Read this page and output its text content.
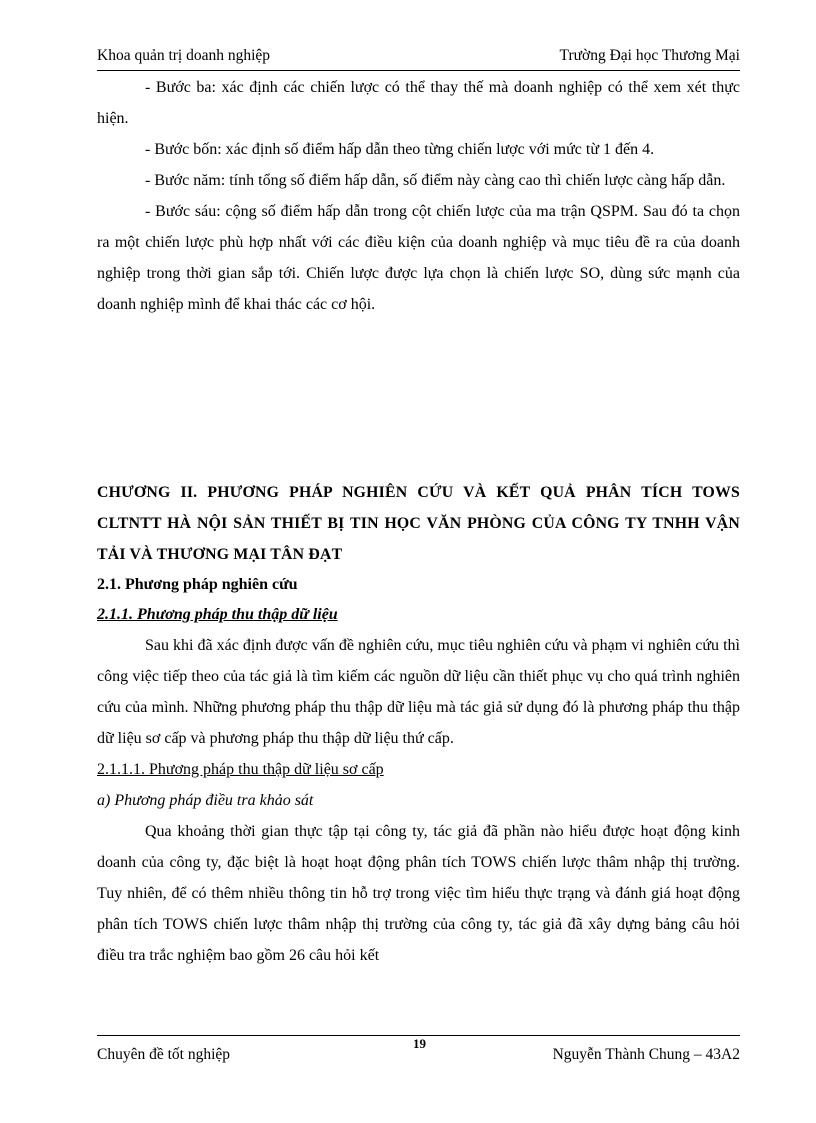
Khoa quản trị doanh nghiệp	Trường Đại học Thương Mại

- Bước ba: xác định các chiến lược có thể thay thế mà doanh nghiệp có thể xem xét thực hiện.

- Bước bốn: xác định số điểm hấp dẫn theo từng chiến lược với mức từ 1 đến 4.

- Bước năm: tính tổng số điểm hấp dẫn, số điểm này càng cao thì chiến lược càng hấp dẫn.

- Bước sáu: cộng số điểm hấp dẫn trong cột chiến lược của ma trận QSPM. Sau đó ta chọn ra một chiến lược phù hợp nhất với các điều kiện của doanh nghiệp và mục tiêu đề ra của doanh nghiệp trong thời gian sắp tới. Chiến lược được lựa chọn là chiến lược SO, dùng sức mạnh của doanh nghiệp mình để khai thác các cơ hội.

CHƯƠNG II. PHƯƠNG PHÁP NGHIÊN CỨU VÀ KẾT QUẢ PHÂN TÍCH TOWS CLTNTT HÀ NỘI SẢN THIẾT BỊ TIN HỌC VĂN PHÒNG CỦA CÔNG TY TNHH VẬN TẢI VÀ THƯƠNG MẠI TÂN ĐẠT

2.1. Phương pháp nghiên cứu

2.1.1. Phương pháp thu thập dữ liệu

Sau khi đã xác định được vấn đề nghiên cứu, mục tiêu nghiên cứu và phạm vi nghiên cứu thì công việc tiếp theo của tác giả là tìm kiếm các nguồn dữ liệu cần thiết phục vụ cho quá trình nghiên cứu của mình. Những phương pháp thu thập dữ liệu mà tác giả sử dụng đó là phương pháp thu thập dữ liệu sơ cấp và phương pháp thu thập dữ liệu thứ cấp.

2.1.1.1. Phương pháp thu thập dữ liệu sơ cấp

a) Phương pháp điều tra khảo sát

Qua khoảng thời gian thực tập tại công ty, tác giả đã phần nào hiểu được hoạt động kinh doanh của công ty, đặc biệt là hoạt hoạt động phân tích TOWS chiến lược thâm nhập thị trường. Tuy nhiên, để có thêm nhiều thông tin hỗ trợ trong việc tìm hiểu thực trạng và đánh giá hoạt động phân tích TOWS chiến lược thâm nhập thị trường của công ty, tác giả đã xây dựng bảng câu hỏi điều tra trắc nghiệm bao gồm 26 câu hỏi kết

Chuyên đề tốt nghiệp
19
Nguyễn Thành Chung – 43A2
